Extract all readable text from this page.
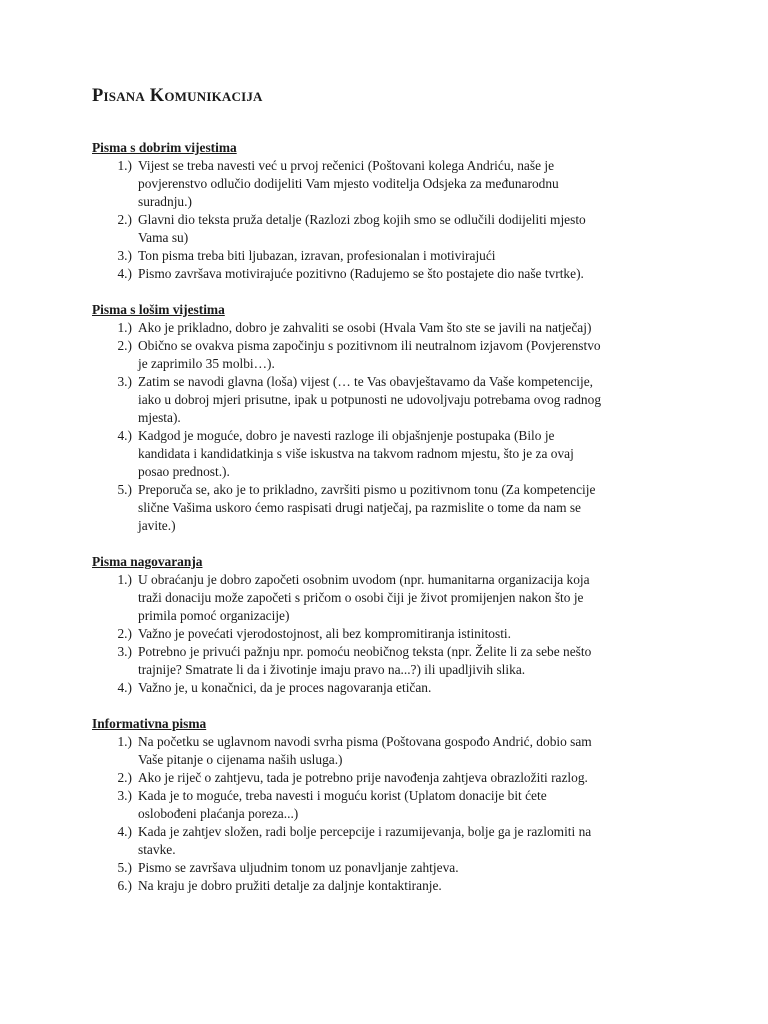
Pisana Komunikacija
Pisma s dobrim vijestima
1.) Vijest se treba navesti već u prvoj rečenici (Poštovani kolega Andriću, naše je
povjerenstvo odlučio dodijeliti Vam mjesto voditelja Odsjeka za međunarodnu
suradnju.)
2.) Glavni dio teksta pruža detalje (Razlozi zbog kojih smo se odlučili dodijeliti mjesto
Vama su)
3.) Ton pisma treba biti ljubazan, izravan, profesionalan i motivirajući
4.) Pismo završava motivirajuće pozitivno (Radujemo se što postajete dio naše tvrtke).
Pisma s lošim vijestima
1.) Ako je prikladno, dobro je zahvaliti se osobi (Hvala Vam što ste se javili na natječaj)
2.) Obično se ovakva pisma započinju s pozitivnom ili neutralnom izjavom (Povjerenstvo
je zaprimilo 35 molbi…).
3.) Zatim se navodi glavna (loša) vijest (… te Vas obavještavamo da Vaše kompetencije,
iako u dobroj mjeri prisutne, ipak u potpunosti ne udovoljvaju potrebama ovog radnog
mjesta).
4.) Kadgod je moguće, dobro je navesti razloge ili objašnjenje postupaka (Bilo je
kandidata i kandidatkinja s više iskustva na takvom radnom mjestu, što je za ovaj
posao prednost.).
5.) Preporuča se, ako je to prikladno, završiti pismo u pozitivnom tonu (Za kompetencije
slične Vašima uskoro ćemo raspisati drugi natječaj, pa razmislite o tome da nam se
javite.)
Pisma nagovaranja
1.) U obraćanju je dobro započeti osobnim uvodom (npr. humanitarna organizacija koja
traži donaciju može započeti s pričom o osobi čiji je život promijenjen nakon što je
primila pomoć organizacije)
2.) Važno je povećati vjerodostojnost, ali bez kompromitiranja istinitosti.
3.) Potrebno je privući pažnju npr. pomoću neobičnog teksta (npr. Želite li za sebe nešto
trajnije? Smatrate li da i životinje imaju pravo na...?) ili upadljivih slika.
4.) Važno je, u konačnici, da je proces nagovaranja etičan.
Informativna pisma
1.) Na početku se uglavnom navodi svrha pisma (Poštovana gospođo Andrić, dobio sam
Vaše pitanje o cijenama naših usluga.)
2.) Ako je riječ o zahtjevu, tada je potrebno prije navođenja zahtjeva obrazložiti razlog.
3.) Kada je to moguće, treba navesti i moguću korist (Uplatom donacije bit ćete
oslobođeni plaćanja poreza...)
4.) Kada je zahtjev složen, radi bolje percepcije i razumijevanja, bolje ga je razlomiti na
stavke.
5.) Pismo se završava uljudnim tonom uz ponavljanje zahtjeva.
6.) Na kraju je dobro pružiti detalje za daljnje kontaktiranje.
